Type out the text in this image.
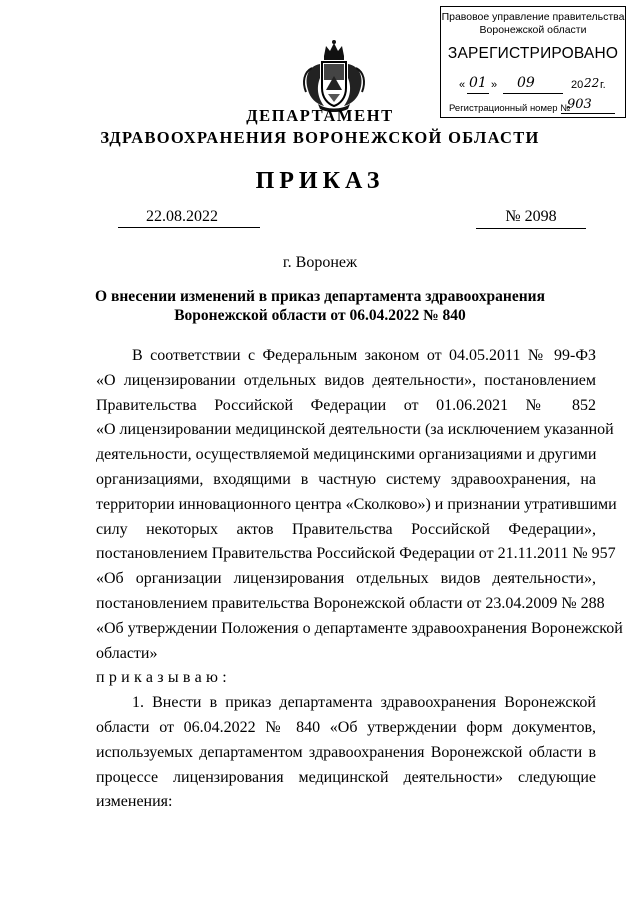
Правовое управление правительства
Воронежской области
ЗАРЕГИСТРИРОВАНО
« 01 » 09	20 22 г.
Регистрационный номер №
903
ДЕПАРТАМЕНТ
ЗДРАВООХРАНЕНИЯ ВОРОНЕЖСКОЙ ОБЛАСТИ
ПРИКАЗ
22.08.2022	№ 2098
г. Воронеж
О внесении изменений в приказ департамента здравоохранения
Воронежской области от 06.04.2022 № 840
В соответствии с Федеральным законом от 04.05.2011 № 99-ФЗ
«О лицензировании отдельных видов деятельности», постановлением
Правительства Российской Федерации от 01.06.2021 № 852
«О лицензировании медицинской деятельности (за исключением указанной
деятельности, осуществляемой медицинскими организациями и другими
организациями, входящими в частную систему здравоохранения, на
территории инновационного центра «Сколково») и признании утратившими
силу некоторых актов Правительства Российской Федерации»,
постановлением Правительства Российской Федерации от 21.11.2011 № 957
«Об организации лицензирования отдельных видов деятельности»,
постановлением правительства Воронежской области от 23.04.2009 № 288
«Об утверждении Положения о департаменте здравоохранения Воронежской
области»
приказываю:
1. Внести в приказ департамента здравоохранения Воронежской
области от 06.04.2022 № 840 «Об утверждении форм документов,
используемых департаментом здравоохранения Воронежской области в
процессе лицензирования медицинской деятельности» следующие
изменения:
